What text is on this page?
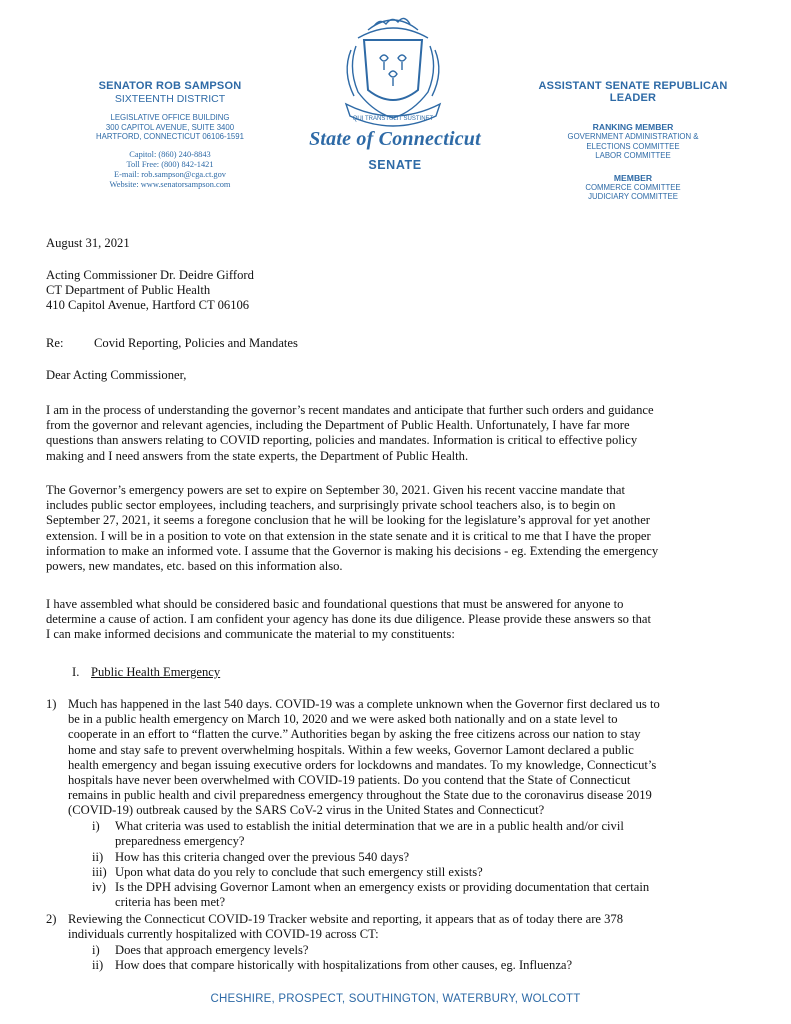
SENATOR ROB SAMPSON
SIXTEENTH DISTRICT
LEGISLATIVE OFFICE BUILDING
300 CAPITOL AVENUE, SUITE 3400
HARTFORD, CONNECTICUT 06106-1591
Capitol: (860) 240-8843
Toll Free: (800) 842-1421
E-mail: rob.sampson@cga.ct.gov
Website: www.senatorsampson.com
QUI TRANSTULIT SUSTINET
State of Connecticut
SENATE
ASSISTANT SENATE REPUBLICAN LEADER
RANKING MEMBER
GOVERNMENT ADMINISTRATION &
ELECTIONS COMMITTEE
LABOR COMMITTEE
MEMBER
COMMERCE COMMITTEE
JUDICIARY COMMITTEE
August 31, 2021
Acting Commissioner Dr. Deidre Gifford
CT Department of Public Health
410 Capitol Avenue, Hartford CT 06106
Re: Covid Reporting, Policies and Mandates
Dear Acting Commissioner,
I am in the process of understanding the governor’s recent mandates and anticipate that further such orders and guidance
from the governor and relevant agencies, including the Department of Public Health. Unfortunately, I have far more
questions than answers relating to COVID reporting, policies and mandates. Information is critical to effective policy
making and I need answers from the state experts, the Department of Public Health.
The Governor’s emergency powers are set to expire on September 30, 2021. Given his recent vaccine mandate that
includes public sector employees, including teachers, and surprisingly private school teachers also, is to begin on
September 27, 2021, it seems a foregone conclusion that he will be looking for the legislature’s approval for yet another
extension. I will be in a position to vote on that extension in the state senate and it is critical to me that I have the proper
information to make an informed vote. I assume that the Governor is making his decisions - eg. Extending the emergency
powers, new mandates, etc. based on this information also.
I have assembled what should be considered basic and foundational questions that must be answered for anyone to
determine a cause of action. I am confident your agency has done its due diligence. Please provide these answers so that
I can make informed decisions and communicate the material to my constituents:
I. Public Health Emergency
1) Much has happened in the last 540 days. COVID-19 was a complete unknown when the Governor first declared us to
be in a public health emergency on March 10, 2020 and we were asked both nationally and on a state level to
cooperate in an effort to “flatten the curve.” Authorities began by asking the free citizens across our nation to stay
home and stay safe to prevent overwhelming hospitals. Within a few weeks, Governor Lamont declared a public
health emergency and began issuing executive orders for lockdowns and mandates. To my knowledge, Connecticut’s
hospitals have never been overwhelmed with COVID-19 patients. Do you contend that the State of Connecticut
remains in public health and civil preparedness emergency throughout the State due to the coronavirus disease 2019
(COVID-19) outbreak caused by the SARS CoV-2 virus in the United States and Connecticut?
i) What criteria was used to establish the initial determination that we are in a public health and/or civil
preparedness emergency?
ii) How has this criteria changed over the previous 540 days?
iii) Upon what data do you rely to conclude that such emergency still exists?
iv) Is the DPH advising Governor Lamont when an emergency exists or providing documentation that certain
criteria has been met?
2) Reviewing the Connecticut COVID-19 Tracker website and reporting, it appears that as of today there are 378
individuals currently hospitalized with COVID-19 across CT:
i) Does that approach emergency levels?
ii) How does that compare historically with hospitalizations from other causes, eg. Influenza?
CHESHIRE, PROSPECT, SOUTHINGTON, WATERBURY, WOLCOTT
